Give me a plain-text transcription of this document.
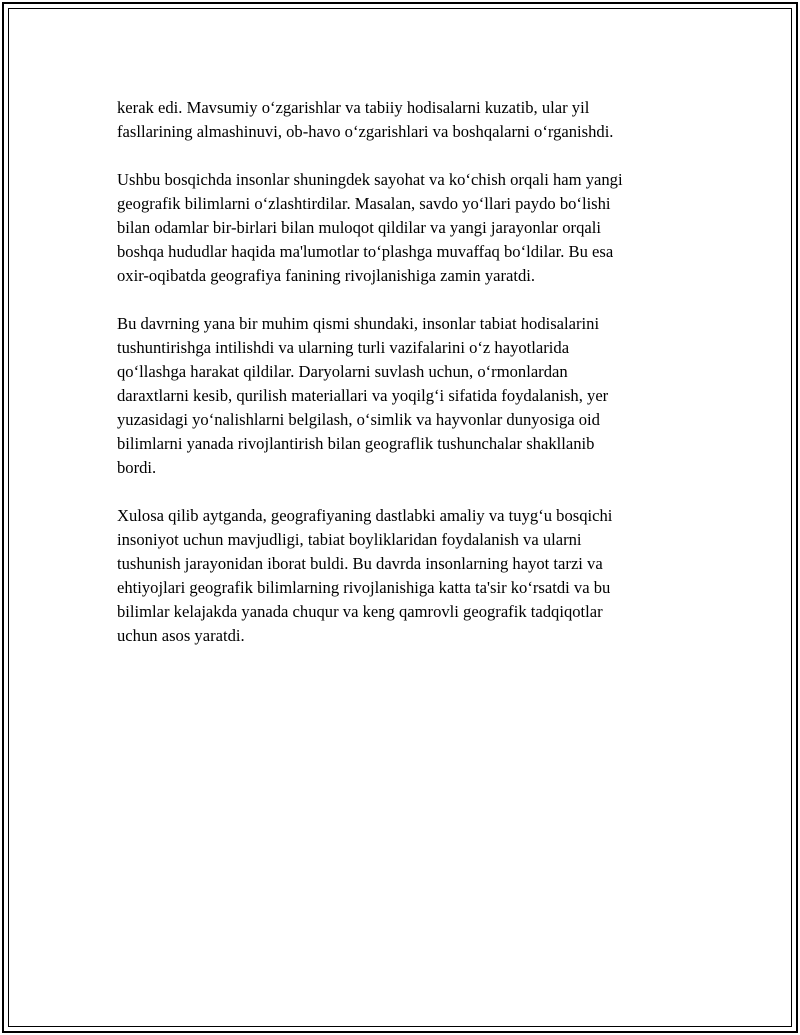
kerak edi. Mavsumiy o‘zgarishlar va tabiiy hodisalarni kuzatib, ular yil
fasllarining almashinuvi, ob-havo o‘zgarishlari va boshqalarni o‘rganishdi.

Ushbu bosqichda insonlar shuningdek sayohat va ko‘chish orqali ham yangi
geografik bilimlarni o‘zlashtirdilar. Masalan, savdo yo‘llari paydo bo‘lishi
bilan odamlar bir-birlari bilan muloqot qildilar va yangi jarayonlar orqali
boshqa hududlar haqida ma'lumotlar to‘plashga muvaffaq bo‘ldilar. Bu esa
oxir-oqibatda geografiya fanining rivojlanishiga zamin yaratdi.

Bu davrning yana bir muhim qismi shundaki, insonlar tabiat hodisalarini
tushuntirishga intilishdi va ularning turli vazifalarini o‘z hayotlarida
qo‘llashga harakat qildilar. Daryolarni suvlash uchun, o‘rmonlardan
daraxtlarni kesib, qurilish materiallari va yoqilg‘i sifatida foydalanish, yer
yuzasidagi yo‘nalishlarni belgilash, o‘simlik va hayvonlar dunyosiga oid
bilimlarni yanada rivojlantirish bilan geograflik tushunchalar shakllanib
bordi.

Xulosa qilib aytganda, geografiyaning dastlabki amaliy va tuyg‘u bosqichi
insoniyot uchun mavjudligi, tabiat boyliklaridan foydalanish va ularni
tushunish jarayonidan iborat buldi. Bu davrda insonlarning hayot tarzi va
ehtiyojlari geografik bilimlarning rivojlanishiga katta ta'sir ko‘rsatdi va bu
bilimlar kelajakda yanada chuqur va keng qamrovli geografik tadqiqotlar
uchun asos yaratdi.
